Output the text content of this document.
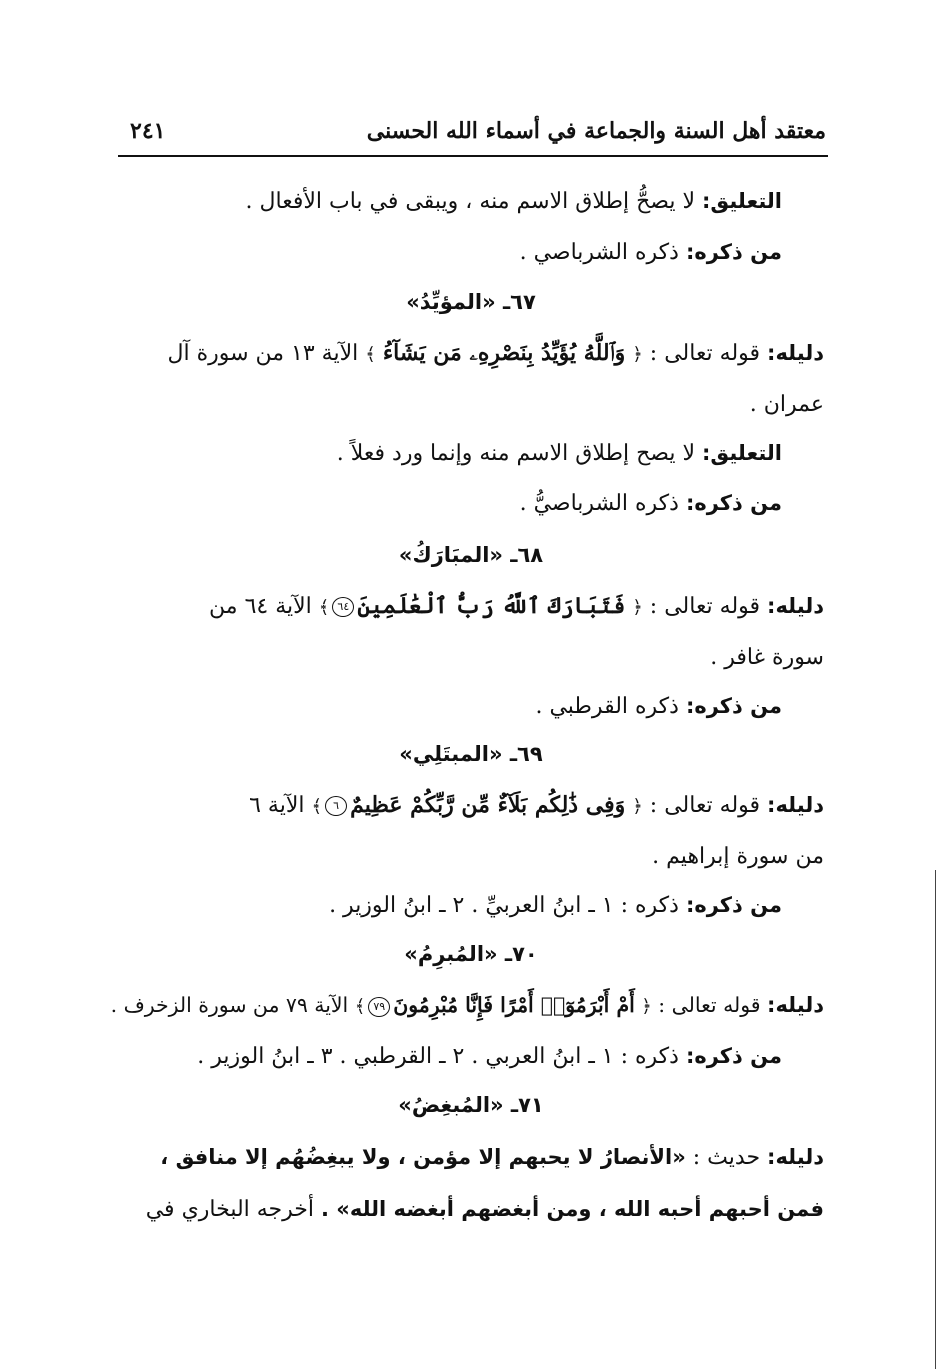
معتقد أهل السنة والجماعة في أسماء الله الحسنى
٢٤١
التعليق: لا يصحُّ إطلاق الاسم منه ، ويبقى في باب الأفعال .
من ذكره: ذكره الشرباصي .
٦٧ـ «المؤيِّدُ»
دليله: قوله تعالى : ﴿ وَٱللَّهُ يُؤَيِّدُ بِنَصْرِهِۦ مَن يَشَآءُ ﴾ الآية ١٣ من سورة آل
عمران .
التعليق: لا يصح إطلاق الاسم منه وإنما ورد فعلاً .
من ذكره: ذكره الشرباصيُّ .
٦٨ـ «المبَارَكُ»
دليله: قوله تعالى : ﴿ فَتَبَارَكَ ٱللَّهُ رَبُّ ٱلْعَٰلَمِينَ٦٤﴾ الآية ٦٤ من
سورة غافر .
من ذكره: ذكره القرطبي .
٦٩ـ «المبتَلِي»
دليله: قوله تعالى : ﴿ وَفِى ذَٰلِكُم بَلَآءٌ مِّن رَّبِّكُمْ عَظِيمٌ٦﴾ الآية ٦
من سورة إبراهيم .
من ذكره: ذكره : ١ ـ ابنُ العربيِّ . ٢ ـ ابنُ الوزير .
٧٠ـ «المُبرِمُ»
دليله: قوله تعالى : ﴿ أَمْ أَبْرَمُوٓا۟ أَمْرًا فَإِنَّا مُبْرِمُونَ٧٩﴾ الآية ٧٩ من سورة الزخرف .
من ذكره: ذكره : ١ ـ ابنُ العربي . ٢ ـ القرطبي . ٣ ـ ابنُ الوزير .
٧١ـ «المُبغِضُ»
دليله: حديث : «الأنصارُ لا يحبهم إلا مؤمن ، ولا يبغِضُهُم إلا منافق ،
فمن أحبهم أحبه الله ، ومن أبغضهم أبغضه الله» . أخرجه البخاري في
